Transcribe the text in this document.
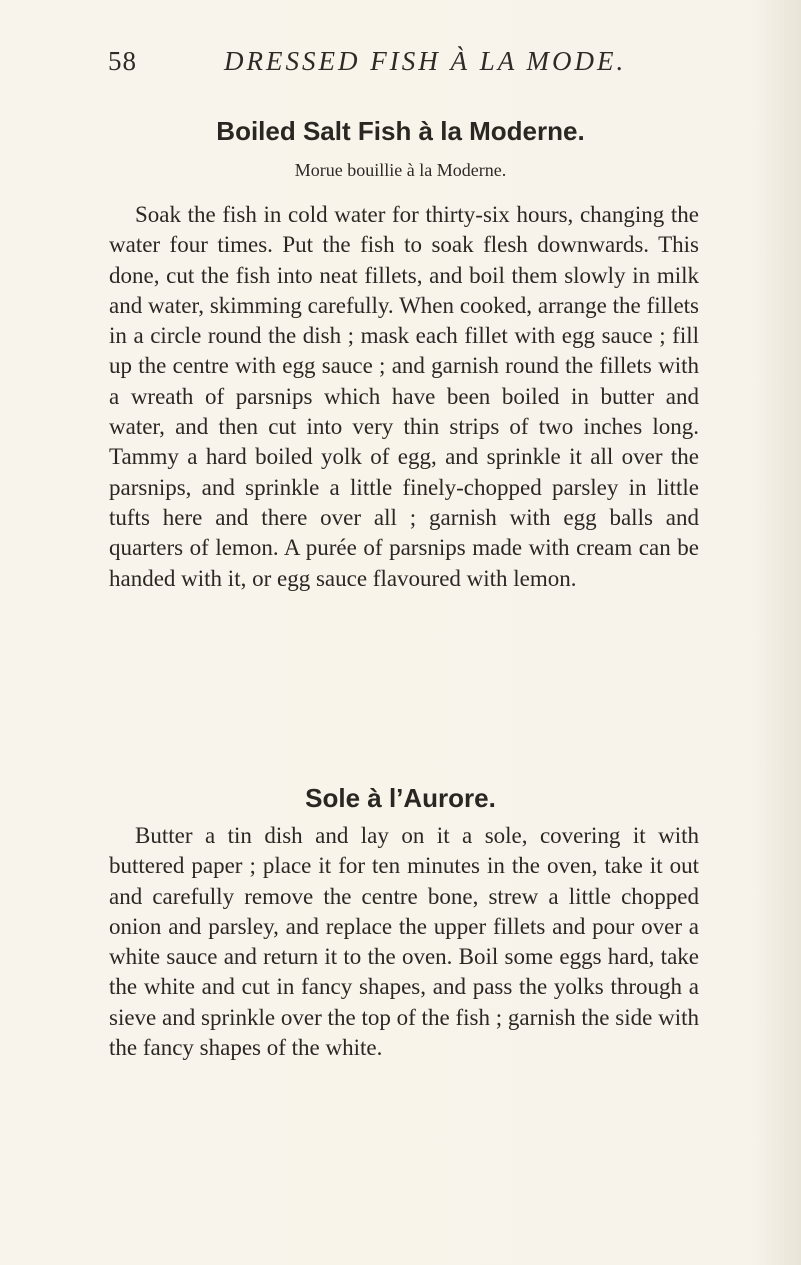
58	DRESSED FISH À LA MODE.
Boiled Salt Fish à la Moderne.
Morue bouillie à la Moderne.

Soak the fish in cold water for thirty-six hours, changing the water four times. Put the fish to soak flesh downwards. This done, cut the fish into neat fillets, and boil them slowly in milk and water, skimming carefully. When cooked, arrange the fillets in a circle round the dish ; mask each fillet with egg sauce ; fill up the centre with egg sauce ; and garnish round the fillets with a wreath of parsnips which have been boiled in butter and water, and then cut into very thin strips of two inches long. Tammy a hard boiled yolk of egg, and sprinkle it all over the parsnips, and sprinkle a little finely-chopped parsley in little tufts here and there over all ; garnish with egg balls and quarters of lemon. A purée of parsnips made with cream can be handed with it, or egg sauce flavoured with lemon.

Sole à l’Aurore.

Butter a tin dish and lay on it a sole, covering it with buttered paper ; place it for ten minutes in the oven, take it out and carefully remove the centre bone, strew a little chopped onion and parsley, and replace the upper fillets and pour over a white sauce and return it to the oven. Boil some eggs hard, take the white and cut in fancy shapes, and pass the yolks through a sieve and sprinkle over the top of the fish ; garnish the side with the fancy shapes of the white.
